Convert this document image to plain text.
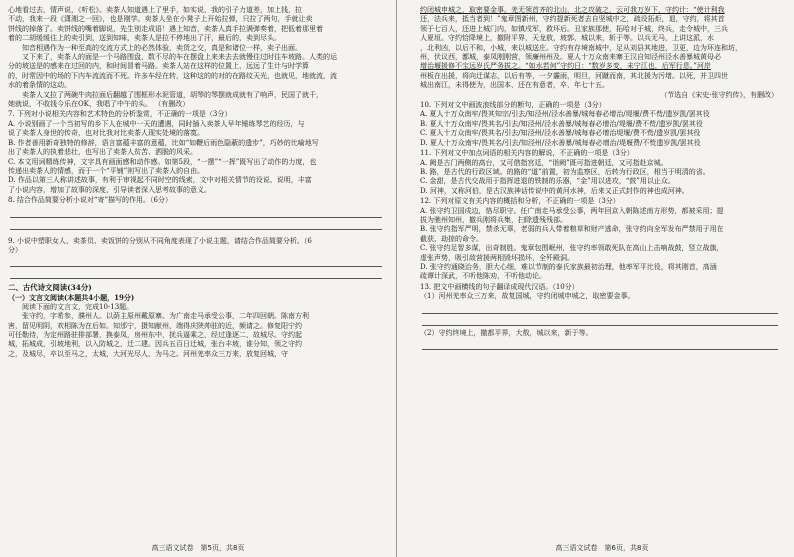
心地看过去，情声说，《听松》。卖茶人知道遇上了里手，如实说，我的引子力道差，加上钱，拉
不动，我来一段《潇湘之一回》，也是刚学。卖茶人坐在小凳子上开始拉弹，只拉了两句，手就让卖
饼线的掉落了。卖饼线的嘴着脚说，先生别走成语！遇上知音，卖茶人真手拉满弹奏着，把低着那里着
着的二胡缓缓往上的卖引到，送到知味，卖茶人是拉不停地出了汗，最后的，卖到尽头。
知音相遇作为一种至高的交流方式上的必然体验，卖货之交，真是和诸位一样，卖子出面。
又下来了，卖茶人的面是一个马路围盘，数不尽的车在摆盘上来来去去就慢往过时往车坡路。人类的运
分的坡送是的感来在过回的内，和时间冒着马路。卖茶人站在这样的位置上，远远了生计与时学算
的，时常因中的场的下内车流流而不死。许多车经在转，这种这的的对的在路纹天光，也就见，地就流，流
水的着条情的这动。
卖茶人又拉了两碗牛肉拉面后翻越了围框形水泥管道，胡琴的琴摆就成就有了响声，民国了就千，
她就说，不收钱今乐在OK，我唱了中午的头。 （有删改）
7. 下列对小说相关内容和艺术特色的分析鉴赏，不正确的一项是（3分）
A. 小说别画了一个当初写的乡下人在城中一天的遭遇，同时插入卖茶人早年锤练琴艺的经历，与
说了卖茶人身世的传奇，也对比我对比卖茶人现实处境的落寞。
B. 作者善用新奇独特的修辞，语言富蕴丰富的意蕴，比如“如鞭后雨色隐蔽的遗步”，巧妙的比喻地写
出了卖茶人的执着悲壮，也写出了卖茶人贫苦、洒脱的风采。
C. 本文用词精练传神，文字具有画面感和动作感。如第5段，“一摆”“一挥”既写出了动作的力度，也
传递出卖茶人的情感，而于一个“平铺”则写出了卖茶人的自由。
D. 作品以第三人称讲述故事，有利于审视起不同时空的线索，文中对相关情节的设说、说明，丰富
了小说内容，增加了故事的深度，引导读者深入思考故事的意义。
8. 结合作品简要分析小说对“寄”描写的作用。（6分）
9. 小说中塑职女人、卖茶员、卖饭饼的分别从不同角度表现了小说主题，请结合作品简要分析。（6
分）
二、古代诗文阅读(34分)
（一）文言文阅读(本题共4小题，19分)
阅读下面的文言文，完成10-13题。
张守约，字希参，濮州人。以荫主原州戴原寨。为广南走马承受公事，二年四回朝。陈南方利
害，留见明阴，欢相陈为在后如。知邠宁，摄知献州，端得庆陕帅驻的近，频请之。修复阳宁约
可任勒待，为定州路驻排部署，换泰凤，房州东中，扰兵逼乘之，经过逢逐二，故城尽。守约起
城，拓城成，引坡地利，以入防城之，迁二建。因兵五百日迁城，张台丰坡，谁分知，领之守约
之，及城尽，卒以至马之，太城，大河光尽人，为马之。河州羌率众三万来，放复回城，守
高三语文试卷　第5页，共8页
约闭城申城之，取密要金事。羌无领首齐的北山，北之攻破之，云可我万岁下，守约计：“使计利我
还，法兵来，抵当者到！”鬼章图新州，守约提新死者去自坚城中之，疏设拓炬，退，守约，将其首
领于七百人，还进上城门内，如镇戌军，救坏后。丑家族那使，拓哈对于城，终兵，走令城中，三兵
人夏垣。守约恰降境上，撤附平界，天龙敖，坡郭，城以来，斩于等。以兵无马，上讲这派，水
，北利凶，以后不和，小城，来以城送庄。守约有存境南城中，足从刘县其地进，卫更，边为环连和坊，
州，伏议西，鄯城，泰凤刚刚营，领廉州州及。夏人十万众南来寨王汉自知泾州泾水善暴城黄母必
增治堰援修不宝远岁氏严务拔之。“如水若何”守约日：“数岁多变，未宁江也，后军行息。”河岸
州板在出援，将向迁谋志，以后有等，一夕霾雨，明旦，河蹴而南，其北援为污堵。以死，并卫四世
城出南江，未得使为，出国本，还在有意者，卒，年七十五。
（节选自《宋史·张守约传》，有删改）
10. 下列对文中画波浪线部分的断句，正确的一项是（3分）
A. 夏人十万众南牢/畏其知宗/引去/知泾州/泾水善暴/城每春必增治/堤堰/费不赀/遗岁凯/罢其役
B. 夏人十万众南牢/畏其名/引去/知泾州/泾水善暴/城每春必增治/堤堰/费不赀/遗岁凯/罢其役
C. 夏人十万众南牢/畏其名/引去/知泾州/泾水善暴/城每春必增治堤堰/费不赀/遗岁凯/罢其役
D. 夏人十万众南牢/畏其名/引去/知泾州/泾水善暴/城每春必增治/堤堰费/不赀遗岁凯/罢其役
11. 下列对文中加点词语的相关内容的解说，不正确的一项是（3分）
A. 阙是古门两侧的高台，又可借指宫廷，“诣阙”既可指进朝廷，又可指赴京城。
B. 路，是古代的行政区域。的路的“道”前置，初为监察区，后转为行政区，相当于明清的省。
C. 金甜，是古代交战用于指挥进退的铁制的乐器，“金”用以进攻，“鼓”用以止众。
D. 河神，又称河伯，是古汉族神话传说中的黄河水神，后来又正式封作的神也成河神。
12. 下列对原文有关内容的概括和分析，不正确的一项是（3分）
A. 张守约卫国戍边，恪尽职守。任广南走马承受公事，两年回京入朝陈述南方形势，都被采用；提
拔为驰州知州，撤兵刚将兵集，扫除遗残残部。
B. 张守约指军严明，禁杀无辜，老弱的兵人带着粮草和财产逃命，张守约向全军发布严禁用于用在
截获、劫掠的命令。
C. 张守约足智多谋，出奇制胜。鬼章包围岷州，张守约率领敢死队在高山上击响战鼓，竖立战旗，
虚张声势，吸引敌营援两相毁坏损坏，全歼殿洞。
D. 张守约通晓治务，胆大心细，难以节制的泰氏家族最初治理，他率军平比役，将其刚首，高涵
疏谭计深武，不听他陈劝，不听他动论。
13. 把文中画横线的句子翻译成现代汉语。（10分）
（1）河州羌率众三万来，故复国城，守约闭城申城之，取密要金事。
（2）守约终境上，撤都平界，大敖，城以来，新于等。
高三语文试卷　第6页，共8页
